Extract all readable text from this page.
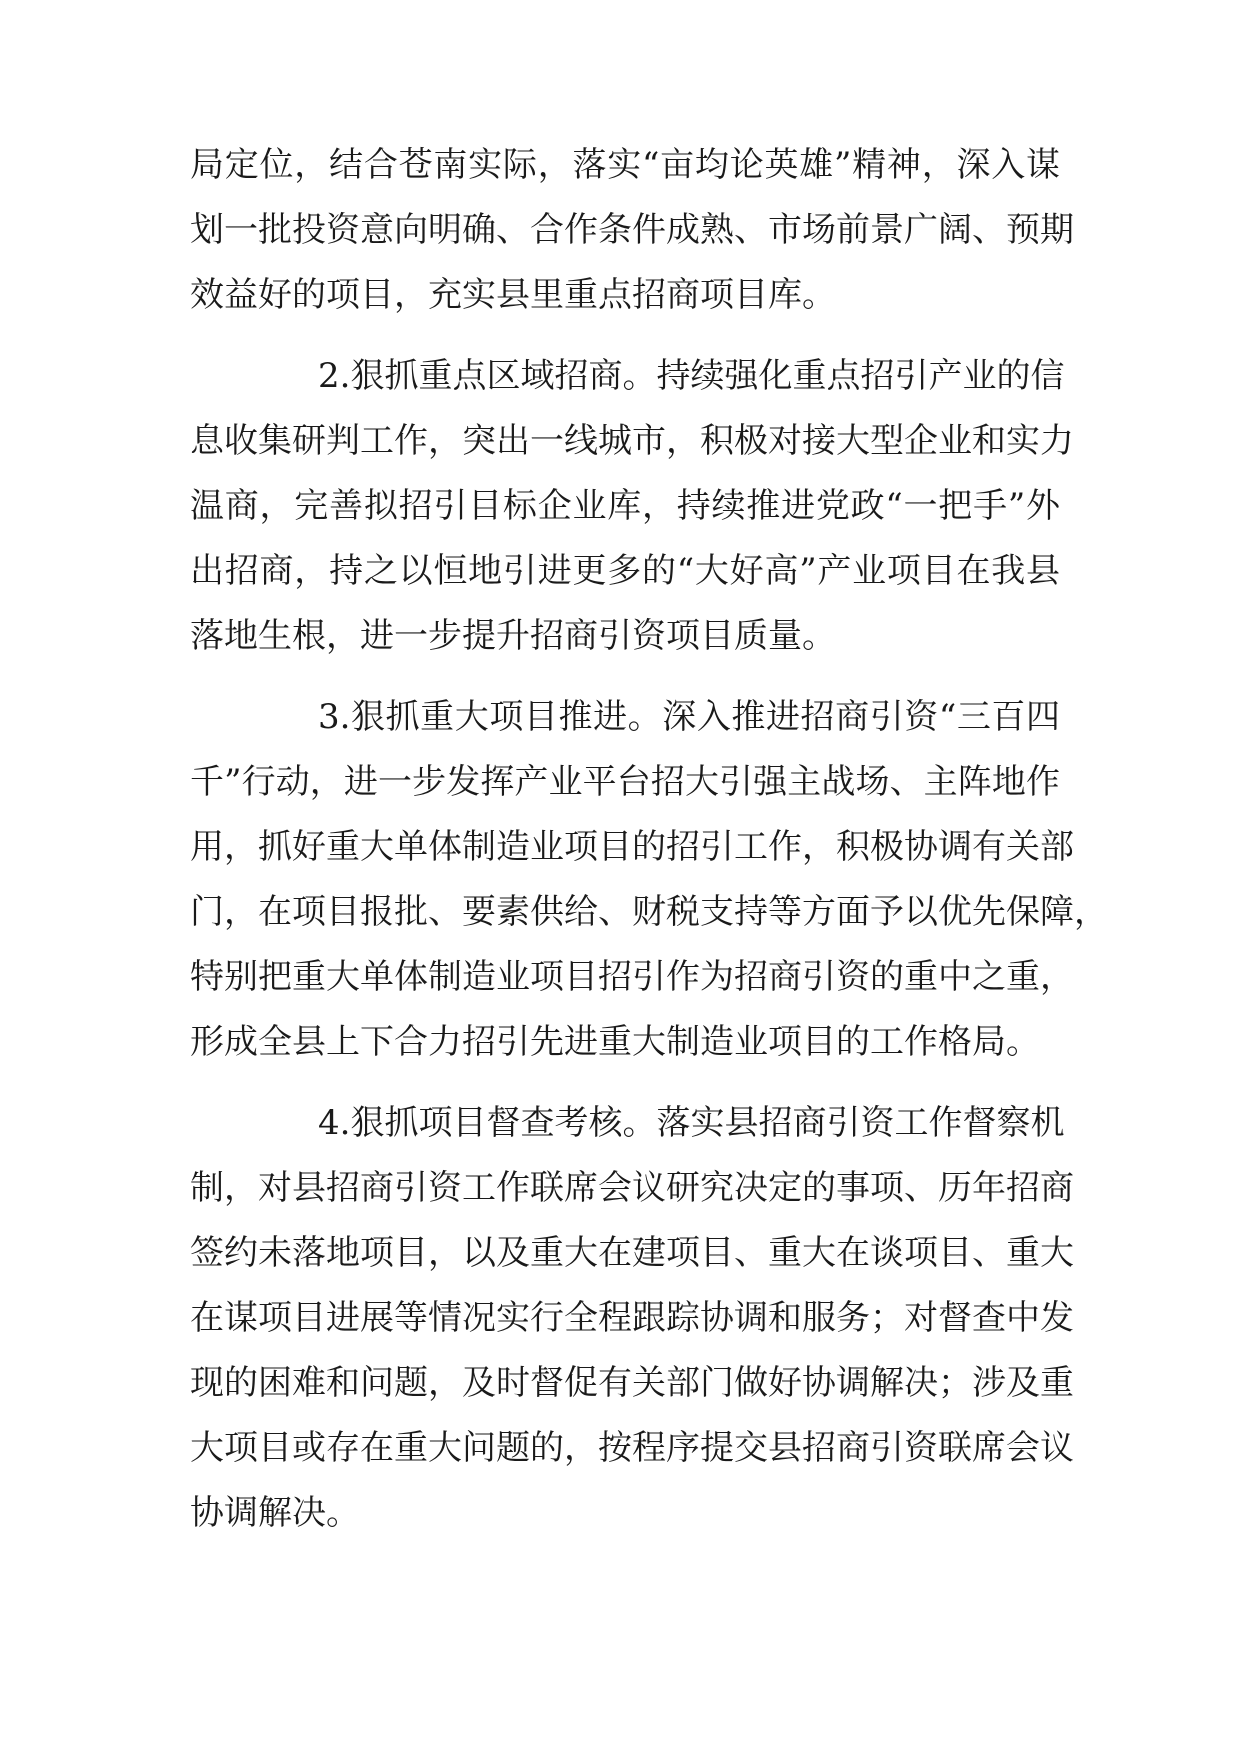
局定位，结合苍南实际，落实“亩均论英雄”精神，深入谋
划一批投资意向明确、合作条件成熟、市场前景广阔、预期
效益好的项目，充实县里重点招商项目库。
2.狠抓重点区域招商。持续强化重点招引产业的信
息收集研判工作，突出一线城市，积极对接大型企业和实力
温商，完善拟招引目标企业库，持续推进党政“一把手”外
出招商，持之以恒地引进更多的“大好高”产业项目在我县
落地生根，进一步提升招商引资项目质量。
3.狠抓重大项目推进。深入推进招商引资“三百四
千”行动，进一步发挥产业平台招大引强主战场、主阵地作
用，抓好重大单体制造业项目的招引工作，积极协调有关部
门，在项目报批、要素供给、财税支持等方面予以优先保障，
特别把重大单体制造业项目招引作为招商引资的重中之重，
形成全县上下合力招引先进重大制造业项目的工作格局。
4.狠抓项目督查考核。落实县招商引资工作督察机
制，对县招商引资工作联席会议研究决定的事项、历年招商
签约未落地项目，以及重大在建项目、重大在谈项目、重大
在谋项目进展等情况实行全程跟踪协调和服务；对督查中发
现的困难和问题，及时督促有关部门做好协调解决；涉及重
大项目或存在重大问题的，按程序提交县招商引资联席会议
协调解决。
